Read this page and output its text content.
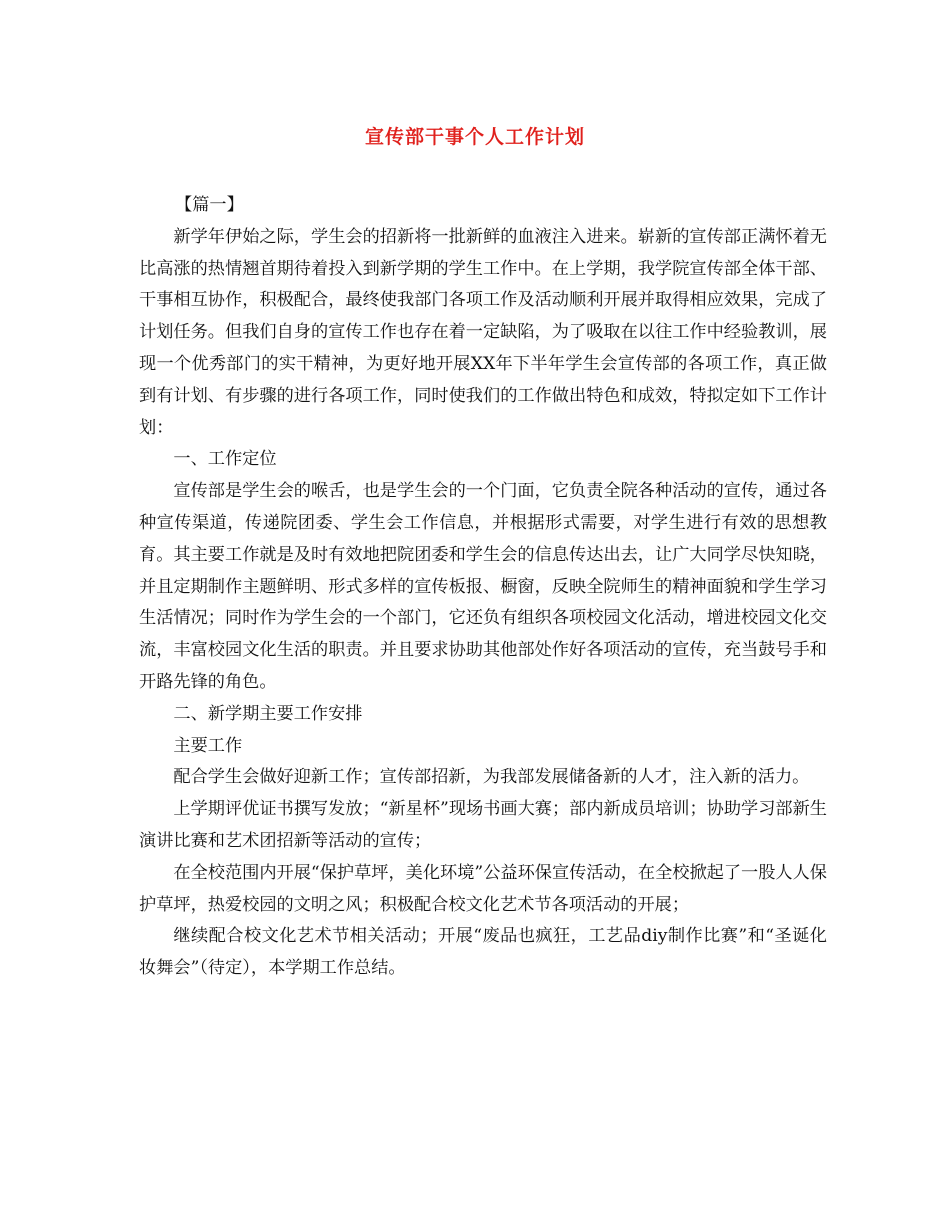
宣传部干事个人工作计划

【篇一】

新学年伊始之际，学生会的招新将一批新鲜的血液注入进来。崭新的宣传部正满怀着无比高涨的热情翘首期待着投入到新学期的学生工作中。在上学期，我学院宣传部全体干部、干事相互协作，积极配合，最终使我部门各项工作及活动顺利开展并取得相应效果，完成了计划任务。但我们自身的宣传工作也存在着一定缺陷，为了吸取在以往工作中经验教训，展现一个优秀部门的实干精神，为更好地开展XX年下半年学生会宣传部的各项工作，真正做到有计划、有步骤的进行各项工作，同时使我们的工作做出特色和成效，特拟定如下工作计划：

一、工作定位

宣传部是学生会的喉舌，也是学生会的一个门面，它负责全院各种活动的宣传，通过各种宣传渠道，传递院团委、学生会工作信息，并根据形式需要，对学生进行有效的思想教育。其主要工作就是及时有效地把院团委和学生会的信息传达出去，让广大同学尽快知晓，并且定期制作主题鲜明、形式多样的宣传板报、橱窗，反映全院师生的精神面貌和学生学习生活情况；同时作为学生会的一个部门，它还负有组织各项校园文化活动，增进校园文化交流，丰富校园文化生活的职责。并且要求协助其他部处作好各项活动的宣传，充当鼓号手和开路先锋的角色。

二、新学期主要工作安排

主要工作

配合学生会做好迎新工作；宣传部招新，为我部发展储备新的人才，注入新的活力。

上学期评优证书撰写发放；“新星杯”现场书画大赛；部内新成员培训；协助学习部新生演讲比赛和艺术团招新等活动的宣传；

在全校范围内开展“保护草坪，美化环境”公益环保宣传活动，在全校掀起了一股人人保护草坪，热爱校园的文明之风；积极配合校文化艺术节各项活动的开展；

继续配合校文化艺术节相关活动；开展“废品也疯狂，工艺品diy制作比赛”和“圣诞化妆舞会”（待定），本学期工作总结。
